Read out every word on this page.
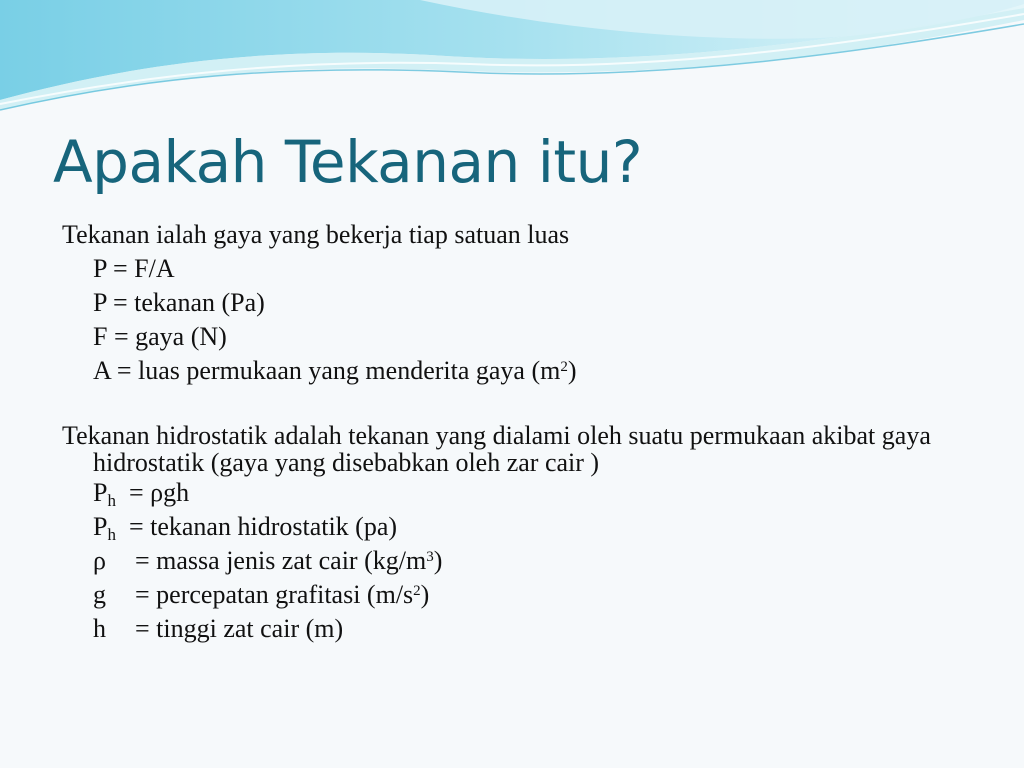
Apakah Tekanan itu?
Tekanan ialah gaya yang bekerja tiap satuan luas
P = F/A
P = tekanan (Pa)
F = gaya (N)
A = luas permukaan yang menderita gaya $(m^2)$
Tekanan hidrostatik adalah tekanan yang dialami oleh suatu permukaan akibat gaya hidrostatik (gaya yang disebabkan oleh zar cair )
$P_h = \rho gh$
$P_h$ = tekanan hidrostatik (pa)
ρ = massa jenis zat cair $(kg/m^3)$
g = percepatan grafitasi $(m/s^2)$
h = tinggi zat cair (m)
